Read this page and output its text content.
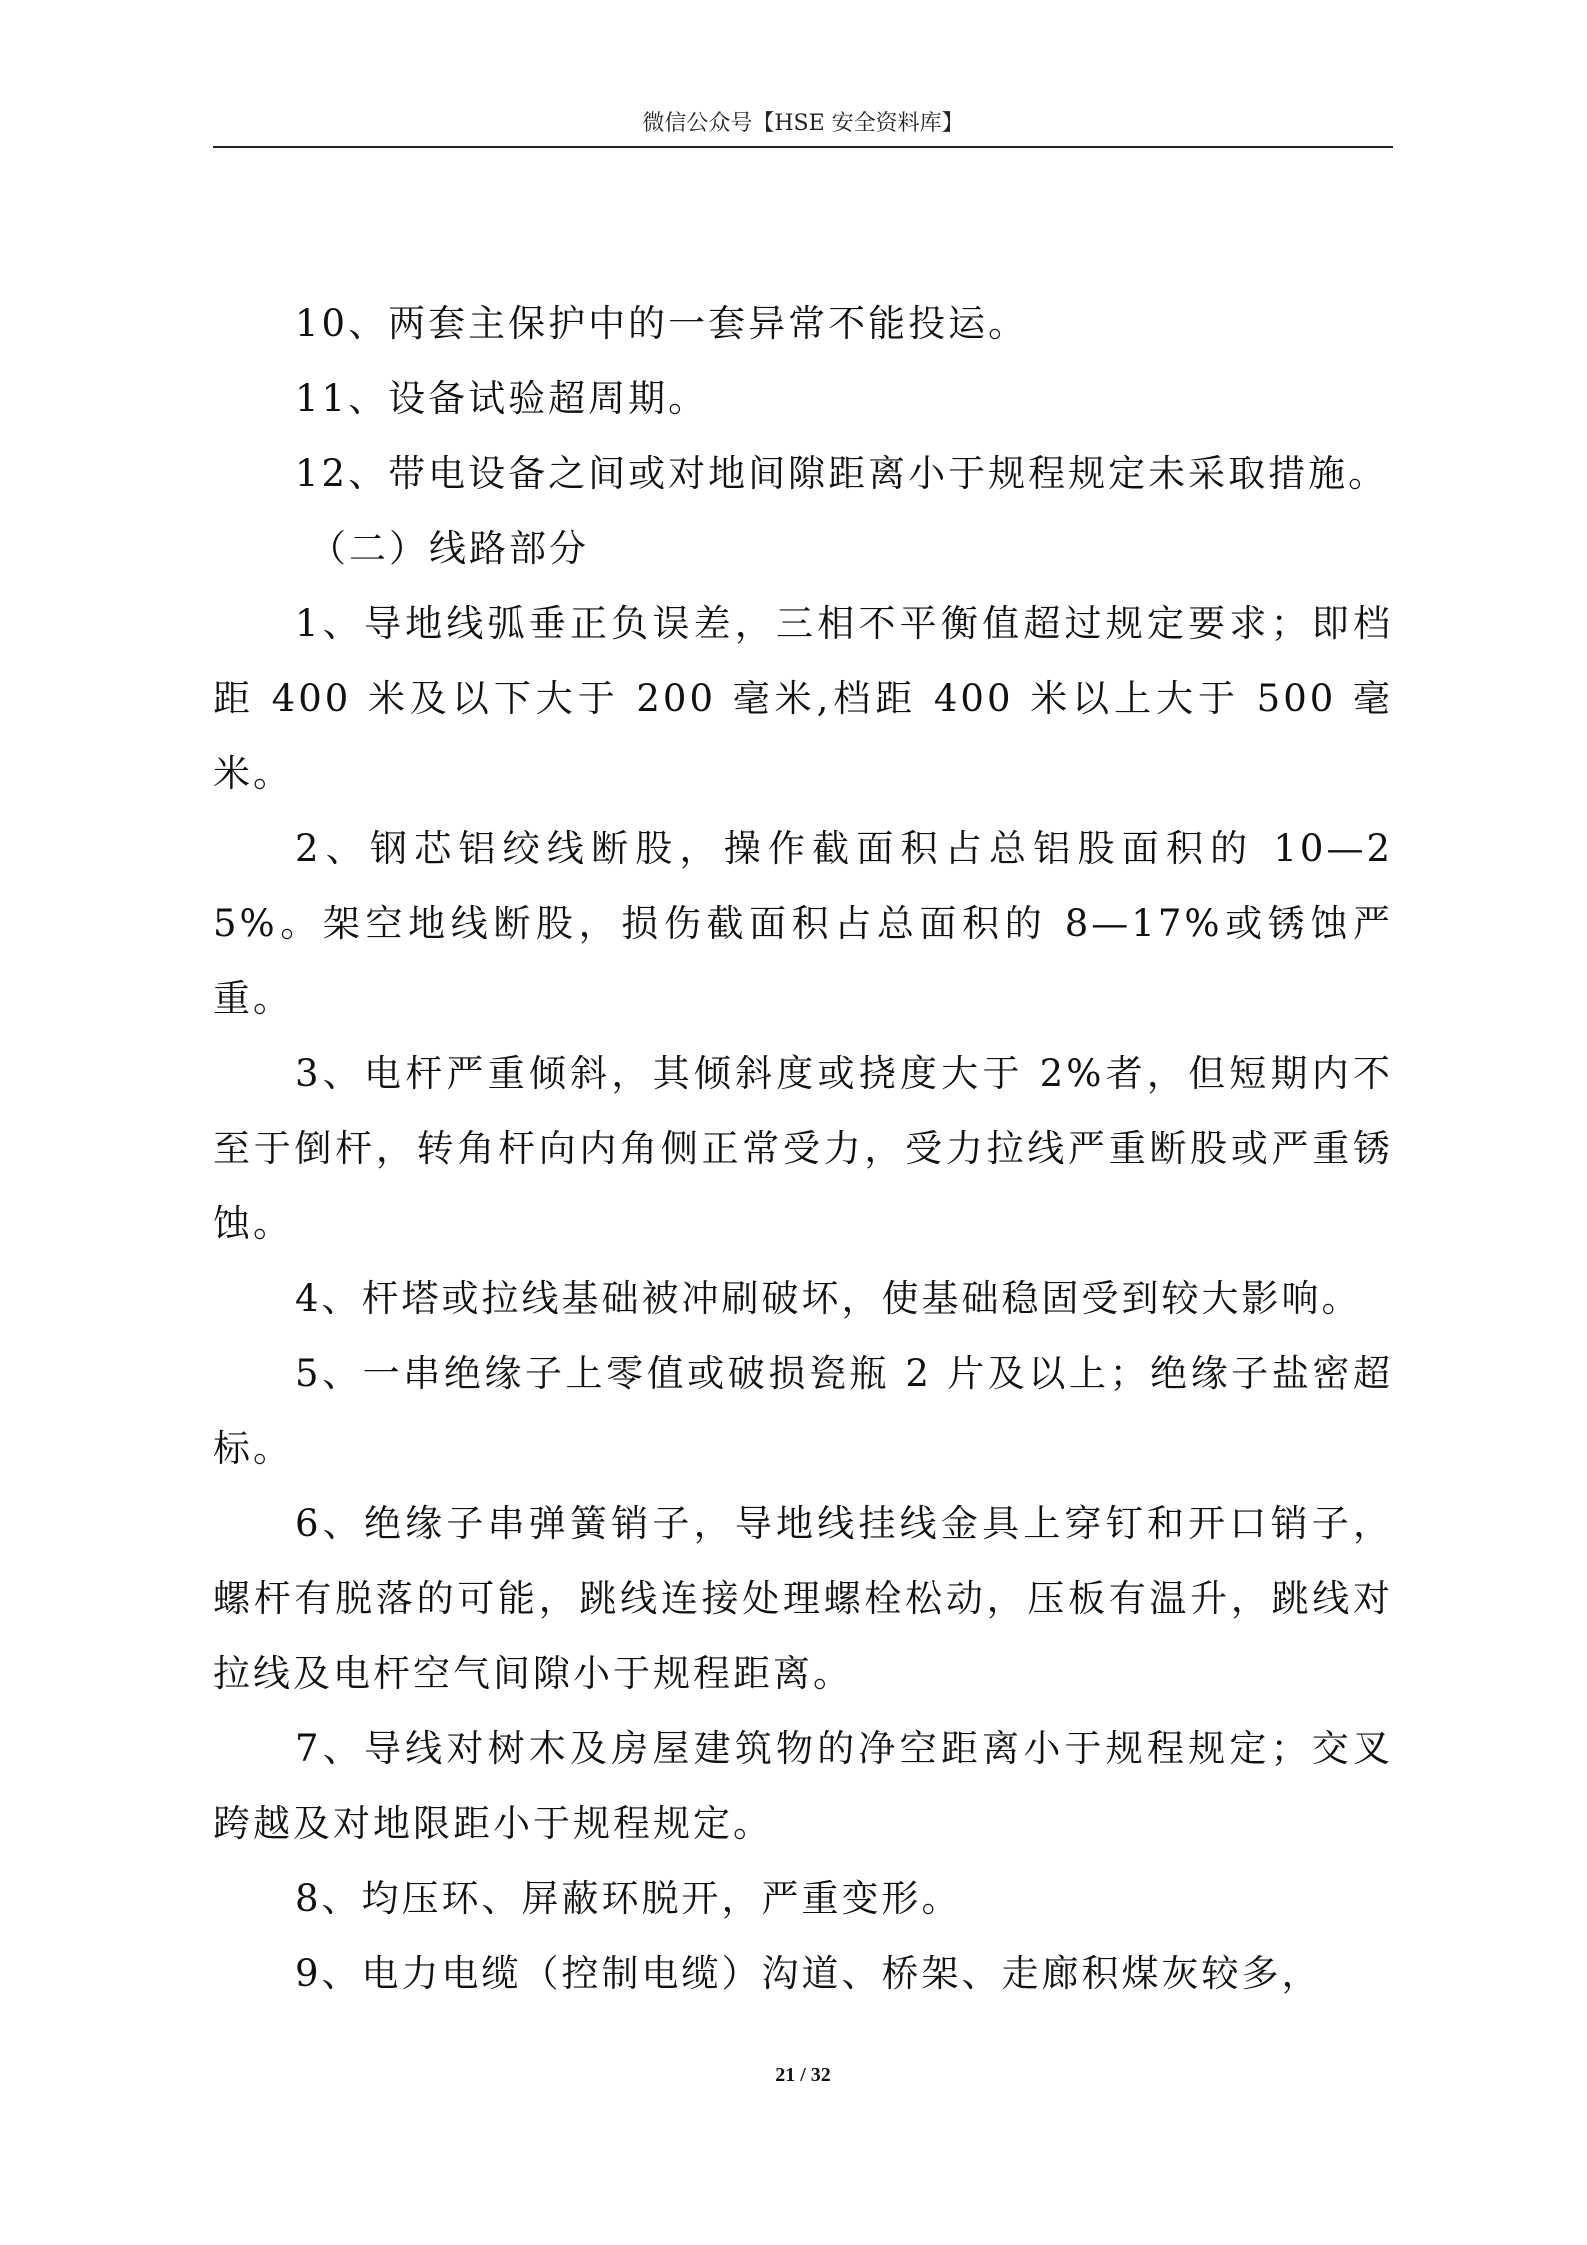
微信公众号【HSE 安全资料库】

10、两套主保护中的一套异常不能投运。

11、设备试验超周期。

12、带电设备之间或对地间隙距离小于规程规定未采取措施。

（二）线路部分

1、导地线弧垂正负误差，三相不平衡值超过规定要求；即档距 400 米及以下大于 200 毫米,档距 400 米以上大于 500 毫米。

2、钢芯铝绞线断股，操作截面积占总铝股面积的 10—25%。架空地线断股，损伤截面积占总面积的 8—17%或锈蚀严重。

3、电杆严重倾斜，其倾斜度或挠度大于 2%者，但短期内不至于倒杆，转角杆向内角侧正常受力，受力拉线严重断股或严重锈蚀。

4、杆塔或拉线基础被冲刷破坏，使基础稳固受到较大影响。

5、一串绝缘子上零值或破损瓷瓶 2 片及以上；绝缘子盐密超标。

6、绝缘子串弹簧销子，导地线挂线金具上穿钉和开口销子，螺杆有脱落的可能，跳线连接处理螺栓松动，压板有温升，跳线对拉线及电杆空气间隙小于规程距离。

7、导线对树木及房屋建筑物的净空距离小于规程规定；交叉跨越及对地限距小于规程规定。

8、均压环、屏蔽环脱开，严重变形。

9、电力电缆（控制电缆）沟道、桥架、走廊积煤灰较多，

21 / 32
